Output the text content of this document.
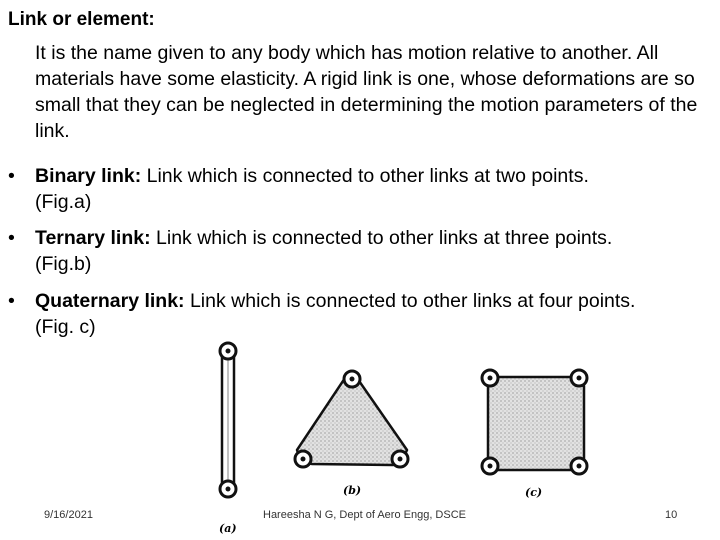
Link or element:
It is the name given to any body which has motion relative to another. All materials have some elasticity. A rigid link is one, whose deformations are so small that they can be neglected in determining the motion parameters of the link.
• Binary link: Link which is connected to other links at two points.
(Fig.a)
• Ternary link: Link which is connected to other links at three points.
(Fig.b)
• Quaternary link: Link which is connected to other links at four points.
(Fig. c)
(a)
(b)	(c)
9/16/2021	Hareesha N G, Dept of Aero Engg, DSCE	10
